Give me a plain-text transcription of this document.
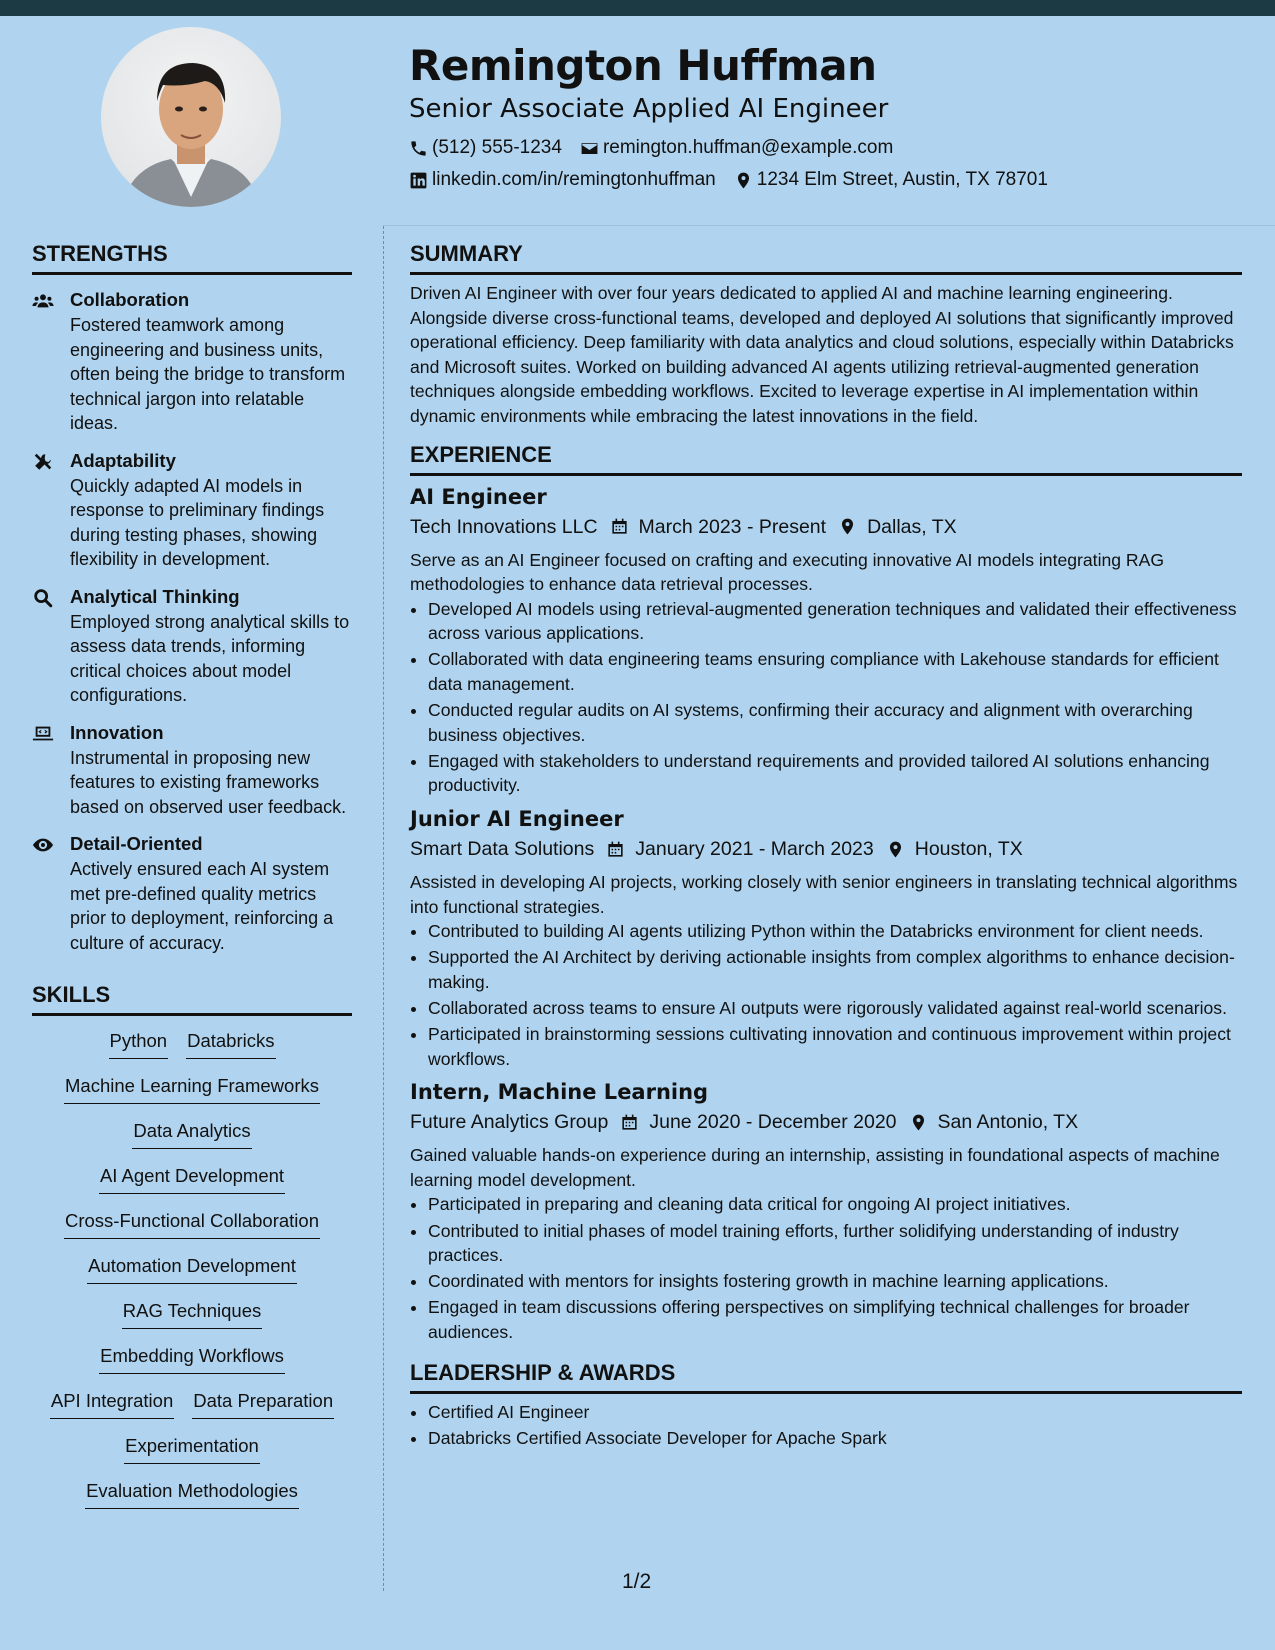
Remington Huffman
Senior Associate Applied AI Engineer
(512) 555-1234 remington.huffman@example.com
linkedin.com/in/remingtonhuffman 1234 Elm Street, Austin, TX 78701
STRENGTHS
Collaboration
Fostered teamwork among engineering and business units, often being the bridge to transform technical jargon into relatable ideas.
Adaptability
Quickly adapted AI models in response to preliminary findings during testing phases, showing flexibility in development.
Analytical Thinking
Employed strong analytical skills to assess data trends, informing critical choices about model configurations.
Innovation
Instrumental in proposing new features to existing frameworks based on observed user feedback.
Detail-Oriented
Actively ensured each AI system met pre-defined quality metrics prior to deployment, reinforcing a culture of accuracy.
SKILLS
Python Databricks
Machine Learning Frameworks
Data Analytics
AI Agent Development
Cross-Functional Collaboration
Automation Development
RAG Techniques
Embedding Workflows
API Integration Data Preparation
Experimentation
Evaluation Methodologies
SUMMARY

Driven AI Engineer with over four years dedicated to applied AI and machine learning engineering. Alongside diverse cross-functional teams, developed and deployed AI solutions that significantly improved operational efficiency. Deep familiarity with data analytics and cloud solutions, especially within Databricks and Microsoft suites. Worked on building advanced AI agents utilizing retrieval-augmented generation techniques alongside embedding workflows. Excited to leverage expertise in AI implementation within dynamic environments while embracing the latest innovations in the field.

EXPERIENCE
AI Engineer
Tech Innovations LLC March 2023 - Present Dallas, TX

Serve as an AI Engineer focused on crafting and executing innovative AI models integrating RAG methodologies to enhance data retrieval processes.

• Developed AI models using retrieval-augmented generation techniques and validated their effectiveness across various applications.
• Collaborated with data engineering teams ensuring compliance with Lakehouse standards for efficient data management.
• Conducted regular audits on AI systems, confirming their accuracy and alignment with overarching business objectives.
• Engaged with stakeholders to understand requirements and provided tailored AI solutions enhancing productivity.
Junior AI Engineer
Smart Data Solutions January 2021 - March 2023 Houston, TX

Assisted in developing AI projects, working closely with senior engineers in translating technical algorithms into functional strategies.

• Contributed to building AI agents utilizing Python within the Databricks environment for client needs.
• Supported the AI Architect by deriving actionable insights from complex algorithms to enhance decision-making.
• Collaborated across teams to ensure AI outputs were rigorously validated against real-world scenarios.
• Participated in brainstorming sessions cultivating innovation and continuous improvement within project workflows.
Intern, Machine Learning
Future Analytics Group June 2020 - December 2020 San Antonio, TX

Gained valuable hands-on experience during an internship, assisting in foundational aspects of machine learning model development.

• Participated in preparing and cleaning data critical for ongoing AI project initiatives.
• Contributed to initial phases of model training efforts, further solidifying understanding of industry practices.
• Coordinated with mentors for insights fostering growth in machine learning applications.
• Engaged in team discussions offering perspectives on simplifying technical challenges for broader audiences.
LEADERSHIP & AWARDS
• Certified AI Engineer
• Databricks Certified Associate Developer for Apache Spark
1/2
